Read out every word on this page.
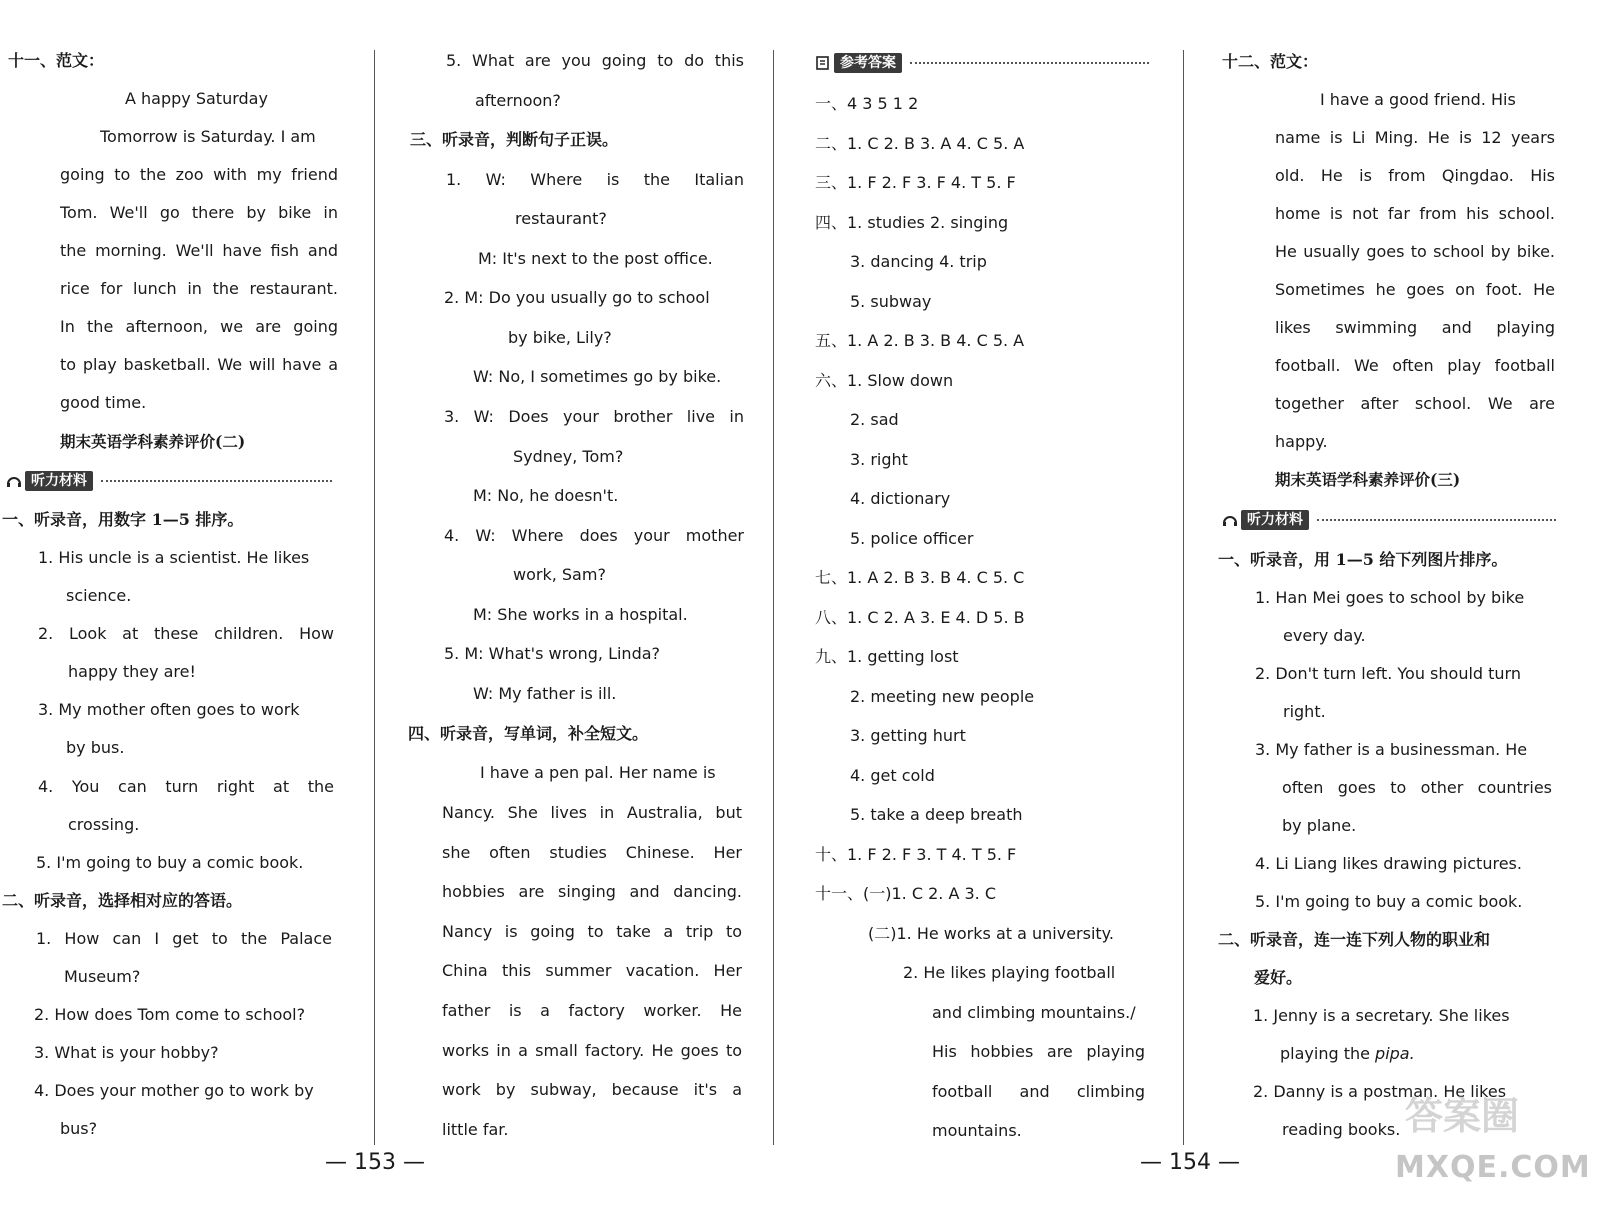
十一、范文：
A happy Saturday
Tomorrow is Saturday. I am
going to the zoo with my friend
Tom. We'll go there by bike in
the morning. We'll have fish and
rice for lunch in the restaurant.
In the afternoon, we are going
to play basketball. We will have a
good time.
期末英语学科素养评价(二)
听力材料
一、听录音，用数字 1—5 排序。
1. His uncle is a scientist. He likes
science.
2. Look at these children. How
happy they are!
3. My mother often goes to work
by bus.
4. You can turn right at the
crossing.
5. I'm going to buy a comic book.
二、听录音，选择相对应的答语。
1. How can I get to the Palace
Museum?
2. How does Tom come to school?
3. What is your hobby?
4. Does your mother go to work by
bus?
5. What are you going to do this
afternoon?
三、听录音，判断句子正误。
1. W: Where is the Italian
restaurant?
M: It's next to the post office.
2. M: Do you usually go to school
by bike, Lily?
W: No, I sometimes go by bike.
3. W: Does your brother live in
Sydney, Tom?
M: No, he doesn't.
4. W: Where does your mother
work, Sam?
M: She works in a hospital.
5. M: What's wrong, Linda?
W: My father is ill.
四、听录音，写单词，补全短文。
I have a pen pal. Her name is
Nancy. She lives in Australia, but
she often studies Chinese. Her
hobbies are singing and dancing.
Nancy is going to take a trip to
China this summer vacation. Her
father is a factory worker. He
works in a small factory. He goes to
work by subway, because it's a
little far.
参考答案
一、4 3 5 1 2
二、1. C 2. B 3. A 4. C 5. A
三、1. F 2. F 3. F 4. T 5. F
四、1. studies 2. singing
3. dancing 4. trip
5. subway
五、1. A 2. B 3. B 4. C 5. A
六、1. Slow down
2. sad
3. right
4. dictionary
5. police officer
七、1. A 2. B 3. B 4. C 5. C
八、1. C 2. A 3. E 4. D 5. B
九、1. getting lost
2. meeting new people
3. getting hurt
4. get cold
5. take a deep breath
十、1. F 2. F 3. T 4. T 5. F
十一、(一)1. C 2. A 3. C
(二)1. He works at a university.
2. He likes playing football
and climbing mountains./
His hobbies are playing
football and climbing
mountains.
十二、范文：
I have a good friend. His
name is Li Ming. He is 12 years
old. He is from Qingdao. His
home is not far from his school.
He usually goes to school by bike.
Sometimes he goes on foot. He
likes swimming and playing
football. We often play football
together after school. We are
happy.
期末英语学科素养评价(三)
听力材料
一、听录音，用 1—5 给下列图片排序。
1. Han Mei goes to school by bike
every day.
2. Don't turn left. You should turn
right.
3. My father is a businessman. He
often goes to other countries
by plane.
4. Li Liang likes drawing pictures.
5. I'm going to buy a comic book.
二、听录音，连一连下列人物的职业和
爱好。
1. Jenny is a secretary. She likes
playing the pipa.
2. Danny is a postman. He likes
reading books.
— 153 —	— 154 —
答案圈
MXQE.COM
